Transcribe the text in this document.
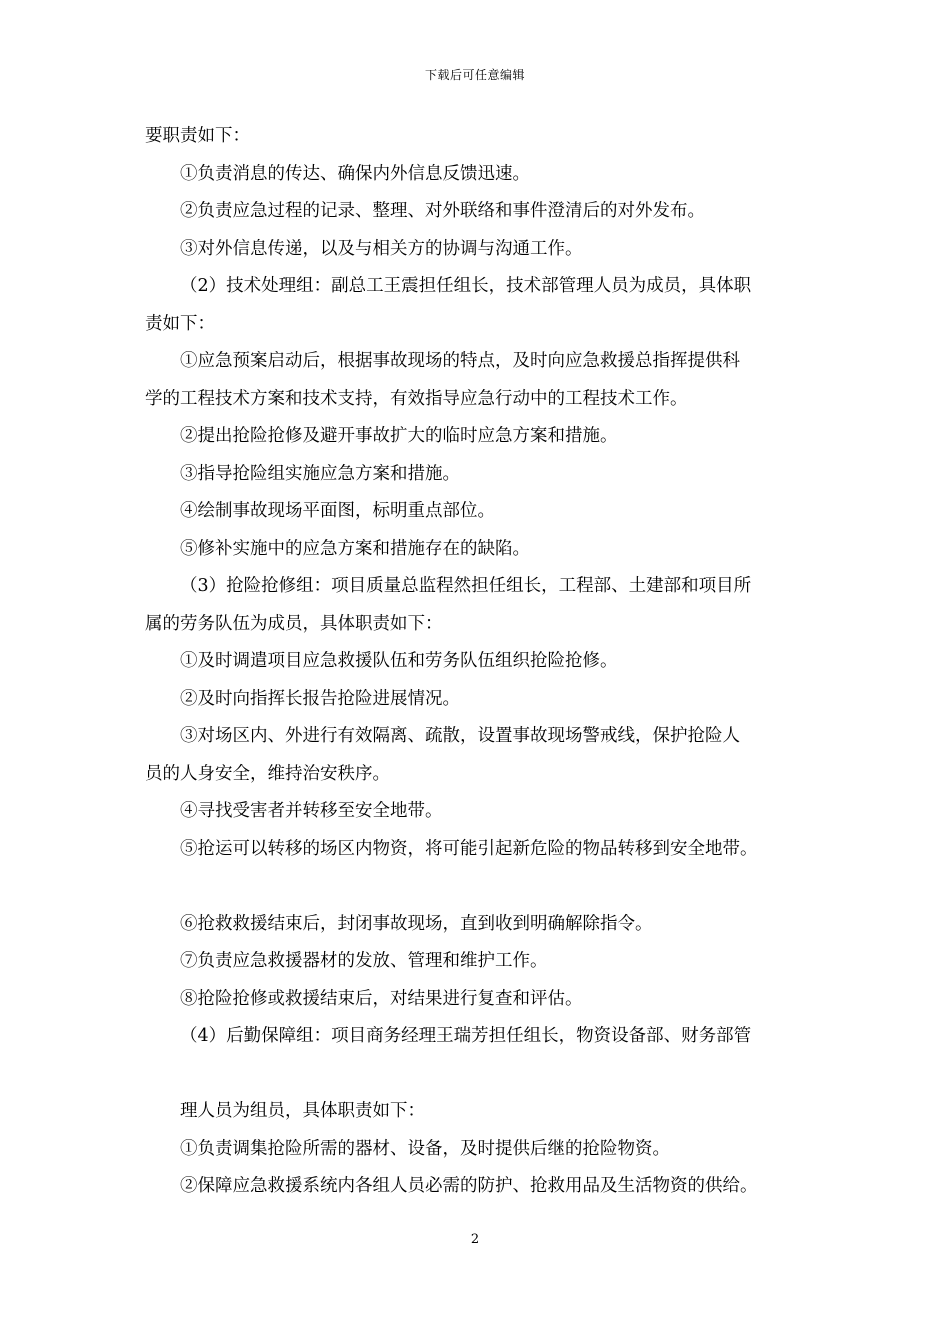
下载后可任意编辑
要职责如下：
①负责消息的传达、确保内外信息反馈迅速。
②负责应急过程的记录、整理、对外联络和事件澄清后的对外发布。
③对外信息传递，以及与相关方的协调与沟通工作。
（2）技术处理组：副总工王震担任组长，技术部管理人员为成员，具体职
责如下：
①应急预案启动后，根据事故现场的特点，及时向应急救援总指挥提供科
学的工程技术方案和技术支持，有效指导应急行动中的工程技术工作。
②提出抢险抢修及避开事故扩大的临时应急方案和措施。
③指导抢险组实施应急方案和措施。
④绘制事故现场平面图，标明重点部位。
⑤修补实施中的应急方案和措施存在的缺陷。
（3）抢险抢修组：项目质量总监程然担任组长，工程部、土建部和项目所
属的劳务队伍为成员，具体职责如下：
①及时调遣项目应急救援队伍和劳务队伍组织抢险抢修。
②及时向指挥长报告抢险进展情况。
③对场区内、外进行有效隔离、疏散，设置事故现场警戒线，保护抢险人
员的人身安全，维持治安秩序。
④寻找受害者并转移至安全地带。
⑤抢运可以转移的场区内物资，将可能引起新危险的物品转移到安全地带。
⑥抢救救援结束后，封闭事故现场，直到收到明确解除指令。
⑦负责应急救援器材的发放、管理和维护工作。
⑧抢险抢修或救援结束后，对结果进行复查和评估。
（4）后勤保障组：项目商务经理王瑞芳担任组长，物资设备部、财务部管
理人员为组员，具体职责如下：
①负责调集抢险所需的器材、设备，及时提供后继的抢险物资。
②保障应急救援系统内各组人员必需的防护、抢救用品及生活物资的供给。
2
